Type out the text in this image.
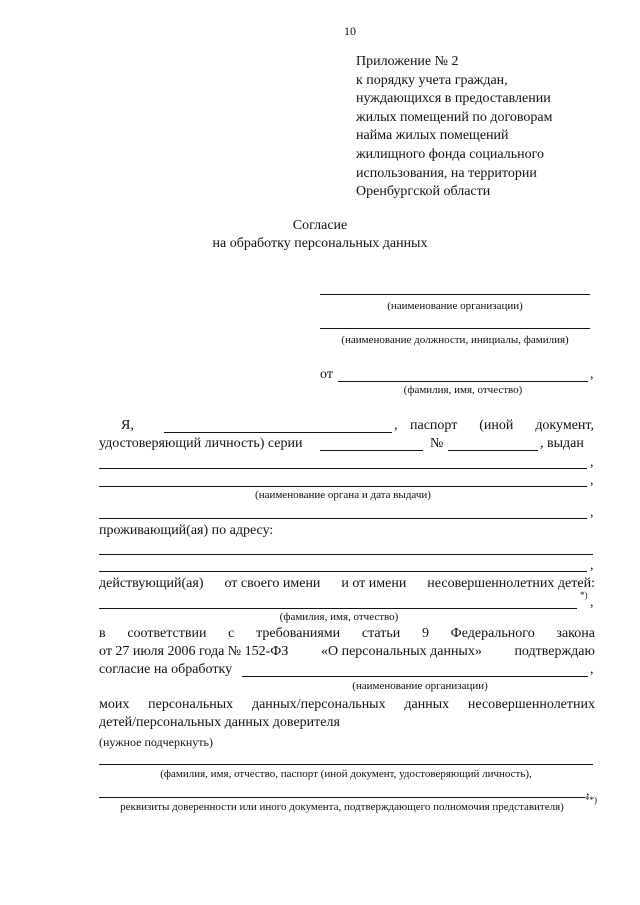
10
Приложение № 2
к порядку учета граждан,
нуждающихся в предоставлении
жилых помещений по договорам
найма жилых помещений
жилищного фонда социального
использования, на территории
Оренбургской области
Согласие
на обработку персональных данных
(наименование организации)
(наименование должности, инициалы, фамилия)
от	,
(фамилия, имя, отчество)
Я,	, паспорт (иной документ,
удостоверяющий личность) серии	№	, выдан
,
,
(наименование органа и дата выдачи)
,
проживающий(ая) по адресу:
,
действующий(ая) от своего имени и от имени несовершеннолетних детей:
*) ,
(фамилия, имя, отчество)
в соответствии с требованиями статьи 9 Федерального закона
от 27 июля 2006 года № 152-ФЗ «О персональных данных» подтверждаю
согласие на обработку	,
(наименование организации)
моих персональных данных/персональных данных несовершеннолетних
детей/персональных данных доверителя
(нужное подчеркнуть)
(фамилия, имя, отчество, паспорт (иной документ, удостоверяющий личность),
,
реквизиты доверенности или иного документа, подтверждающего полномочия представителя)
**)
